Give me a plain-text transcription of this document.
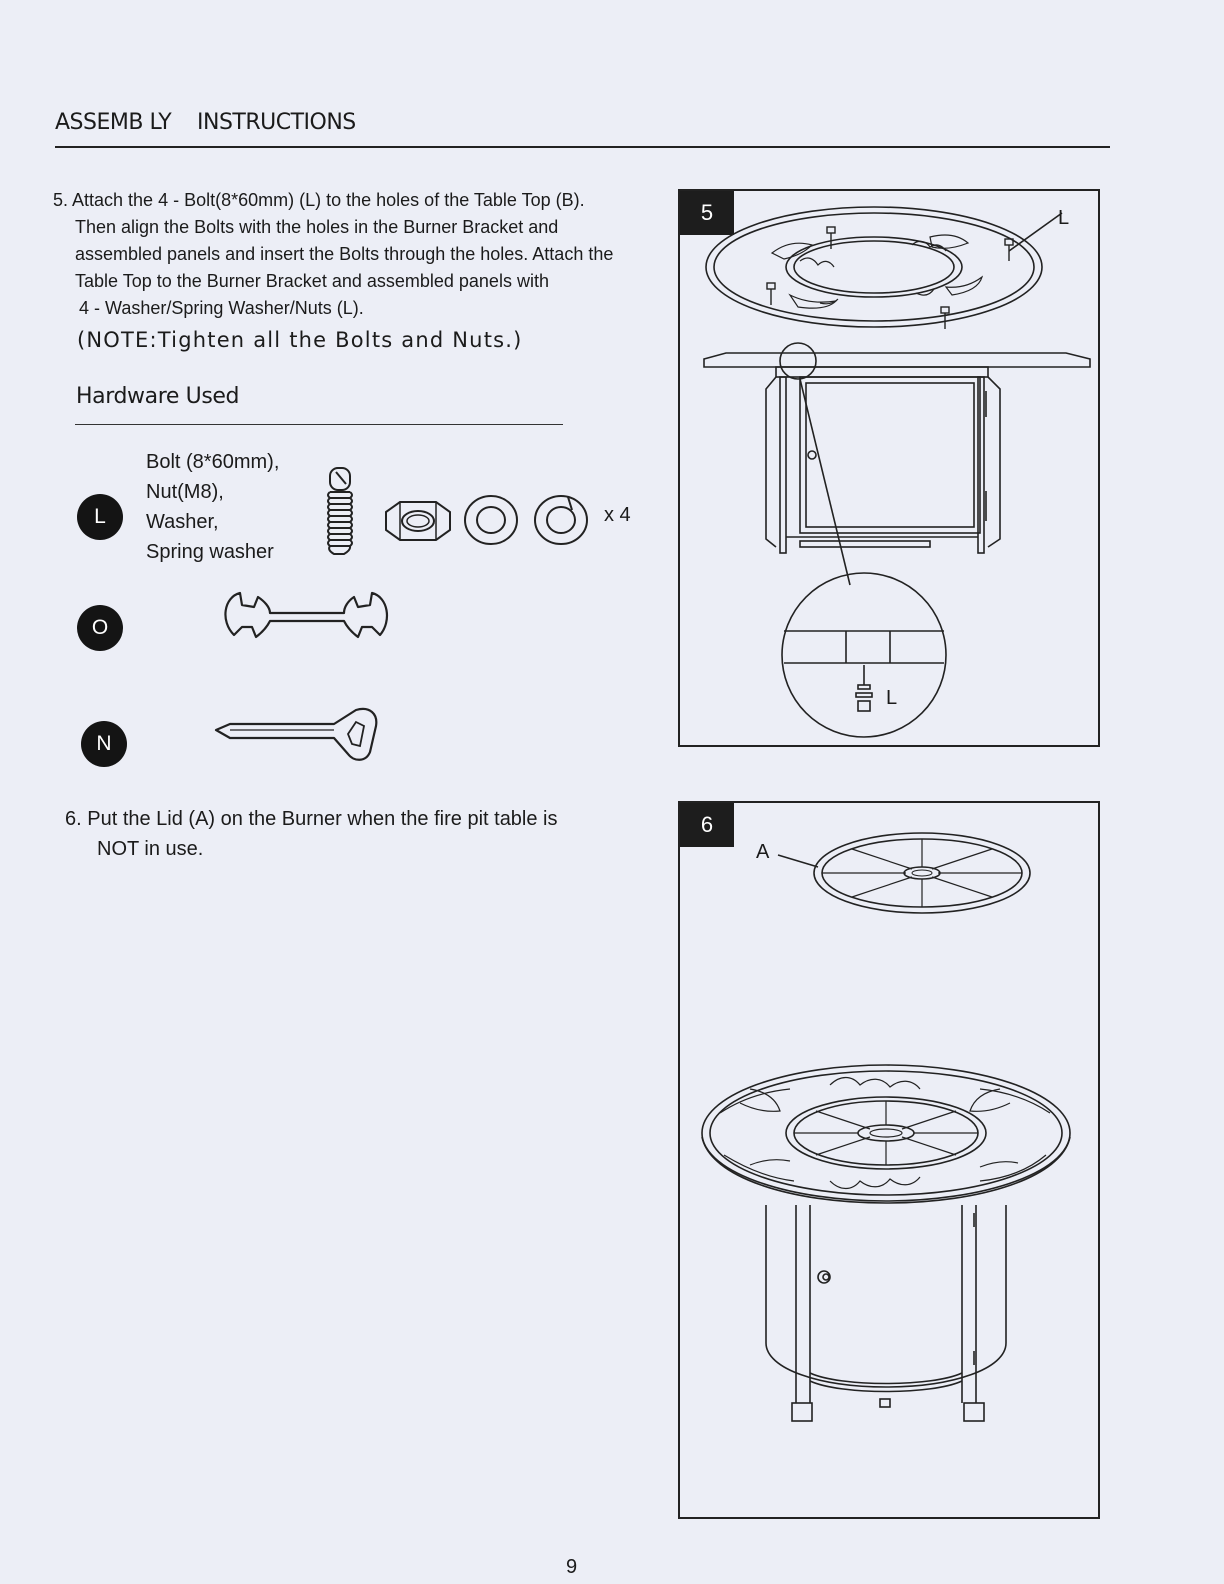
ASSEMB LY INSTRUCTIONS
5. Attach the 4 - Bolt(8*60mm) (L) to the holes of the Table Top (B).
Then align the Bolts with the holes in the Burner Bracket and
assembled panels and insert the Bolts through the holes. Attach the
Table Top to the Burner Bracket and assembled panels with
4 - Washer/Spring Washer/Nuts (L).
(NOTE:Tighten all the Bolts and Nuts.)
Hardware Used
L
Bolt (8*60mm),
Nut(M8),
Washer,
Spring washer
x 4
O
N
6. Put the Lid (A) on the Burner when the fire pit table is
NOT in use.
5	L
L
6
A
9
